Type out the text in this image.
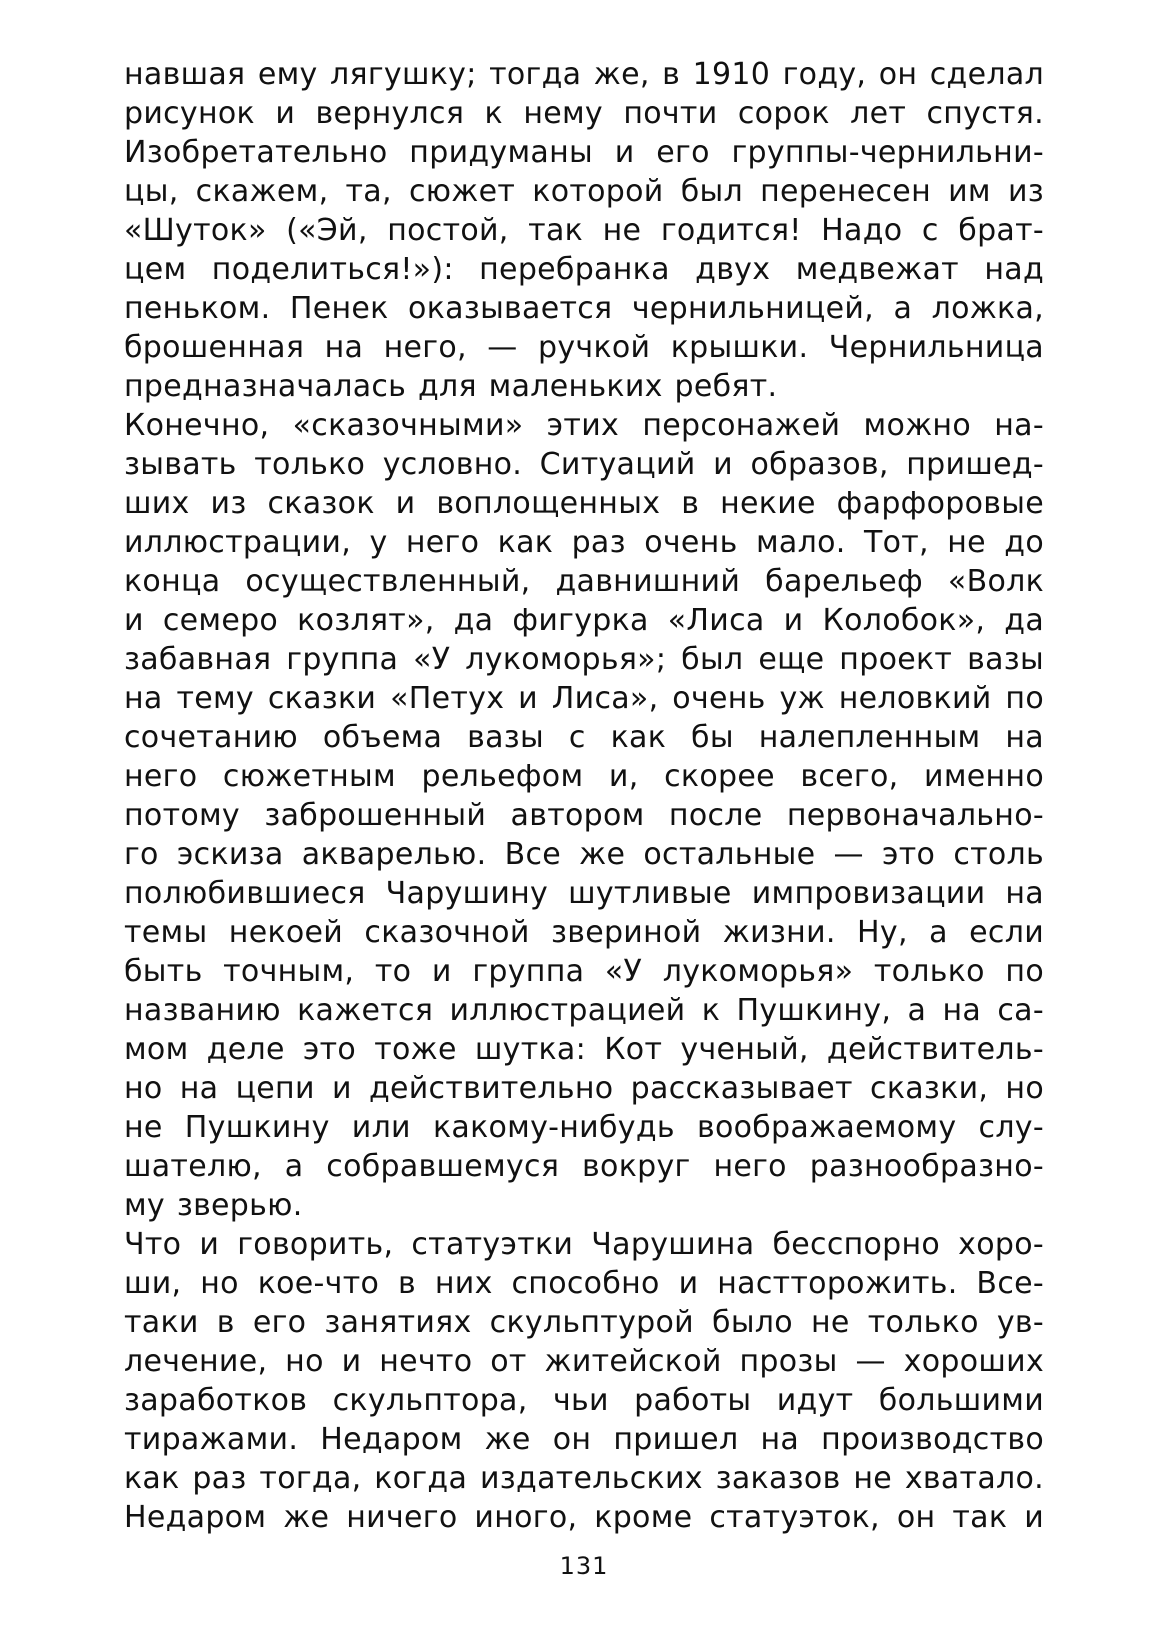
навшая ему лягушку; тогда же, в 1910 году, он сделал
рисунок и вернулся к нему почти сорок лет спустя.
Изобретательно придуманы и его группы-чернильни-
цы, скажем, та, сюжет которой был перенесен им из
«Шуток» («Эй, постой, так не годится! Надо с брат-
цем поделиться!»): перебранка двух медвежат над
пеньком. Пенек оказывается чернильницей, а ложка,
брошенная на него, — ручкой крышки. Чернильница
предназначалась для маленьких ребят.
Конечно, «сказочными» этих персонажей можно на-
зывать только условно. Ситуаций и образов, пришед-
ших из сказок и воплощенных в некие фарфоровые
иллюстрации, у него как раз очень мало. Тот, не до
конца осуществленный, давнишний барельеф «Волк
и семеро козлят», да фигурка «Лиса и Колобок», да
забавная группа «У лукоморья»; был еще проект вазы
на тему сказки «Петух и Лиса», очень уж неловкий по
сочетанию объема вазы с как бы налепленным на
него сюжетным рельефом и, скорее всего, именно
потому заброшенный автором после первоначально-
го эскиза акварелью. Все же остальные — это столь
полюбившиеся Чарушину шутливые импровизации на
темы некоей сказочной звериной жизни. Ну, а если
быть точным, то и группа «У лукоморья» только по
названию кажется иллюстрацией к Пушкину, а на са-
мом деле это тоже шутка: Кот ученый, действитель-
но на цепи и действительно рассказывает сказки, но
не Пушкину или какому-нибудь воображаемому слу-
шателю, а собравшемуся вокруг него разнообразно-
му зверью.
Что и говорить, статуэтки Чарушина бесспорно хоро-
ши, но кое-что в них способно и настторожить. Все-
таки в его занятиях скульптурой было не только ув-
лечение, но и нечто от житейской прозы — хороших
заработков скульптора, чьи работы идут большими
тиражами. Недаром же он пришел на производство
как раз тогда, когда издательских заказов не хватало.
Недаром же ничего иного, кроме статуэток, он так и
131
